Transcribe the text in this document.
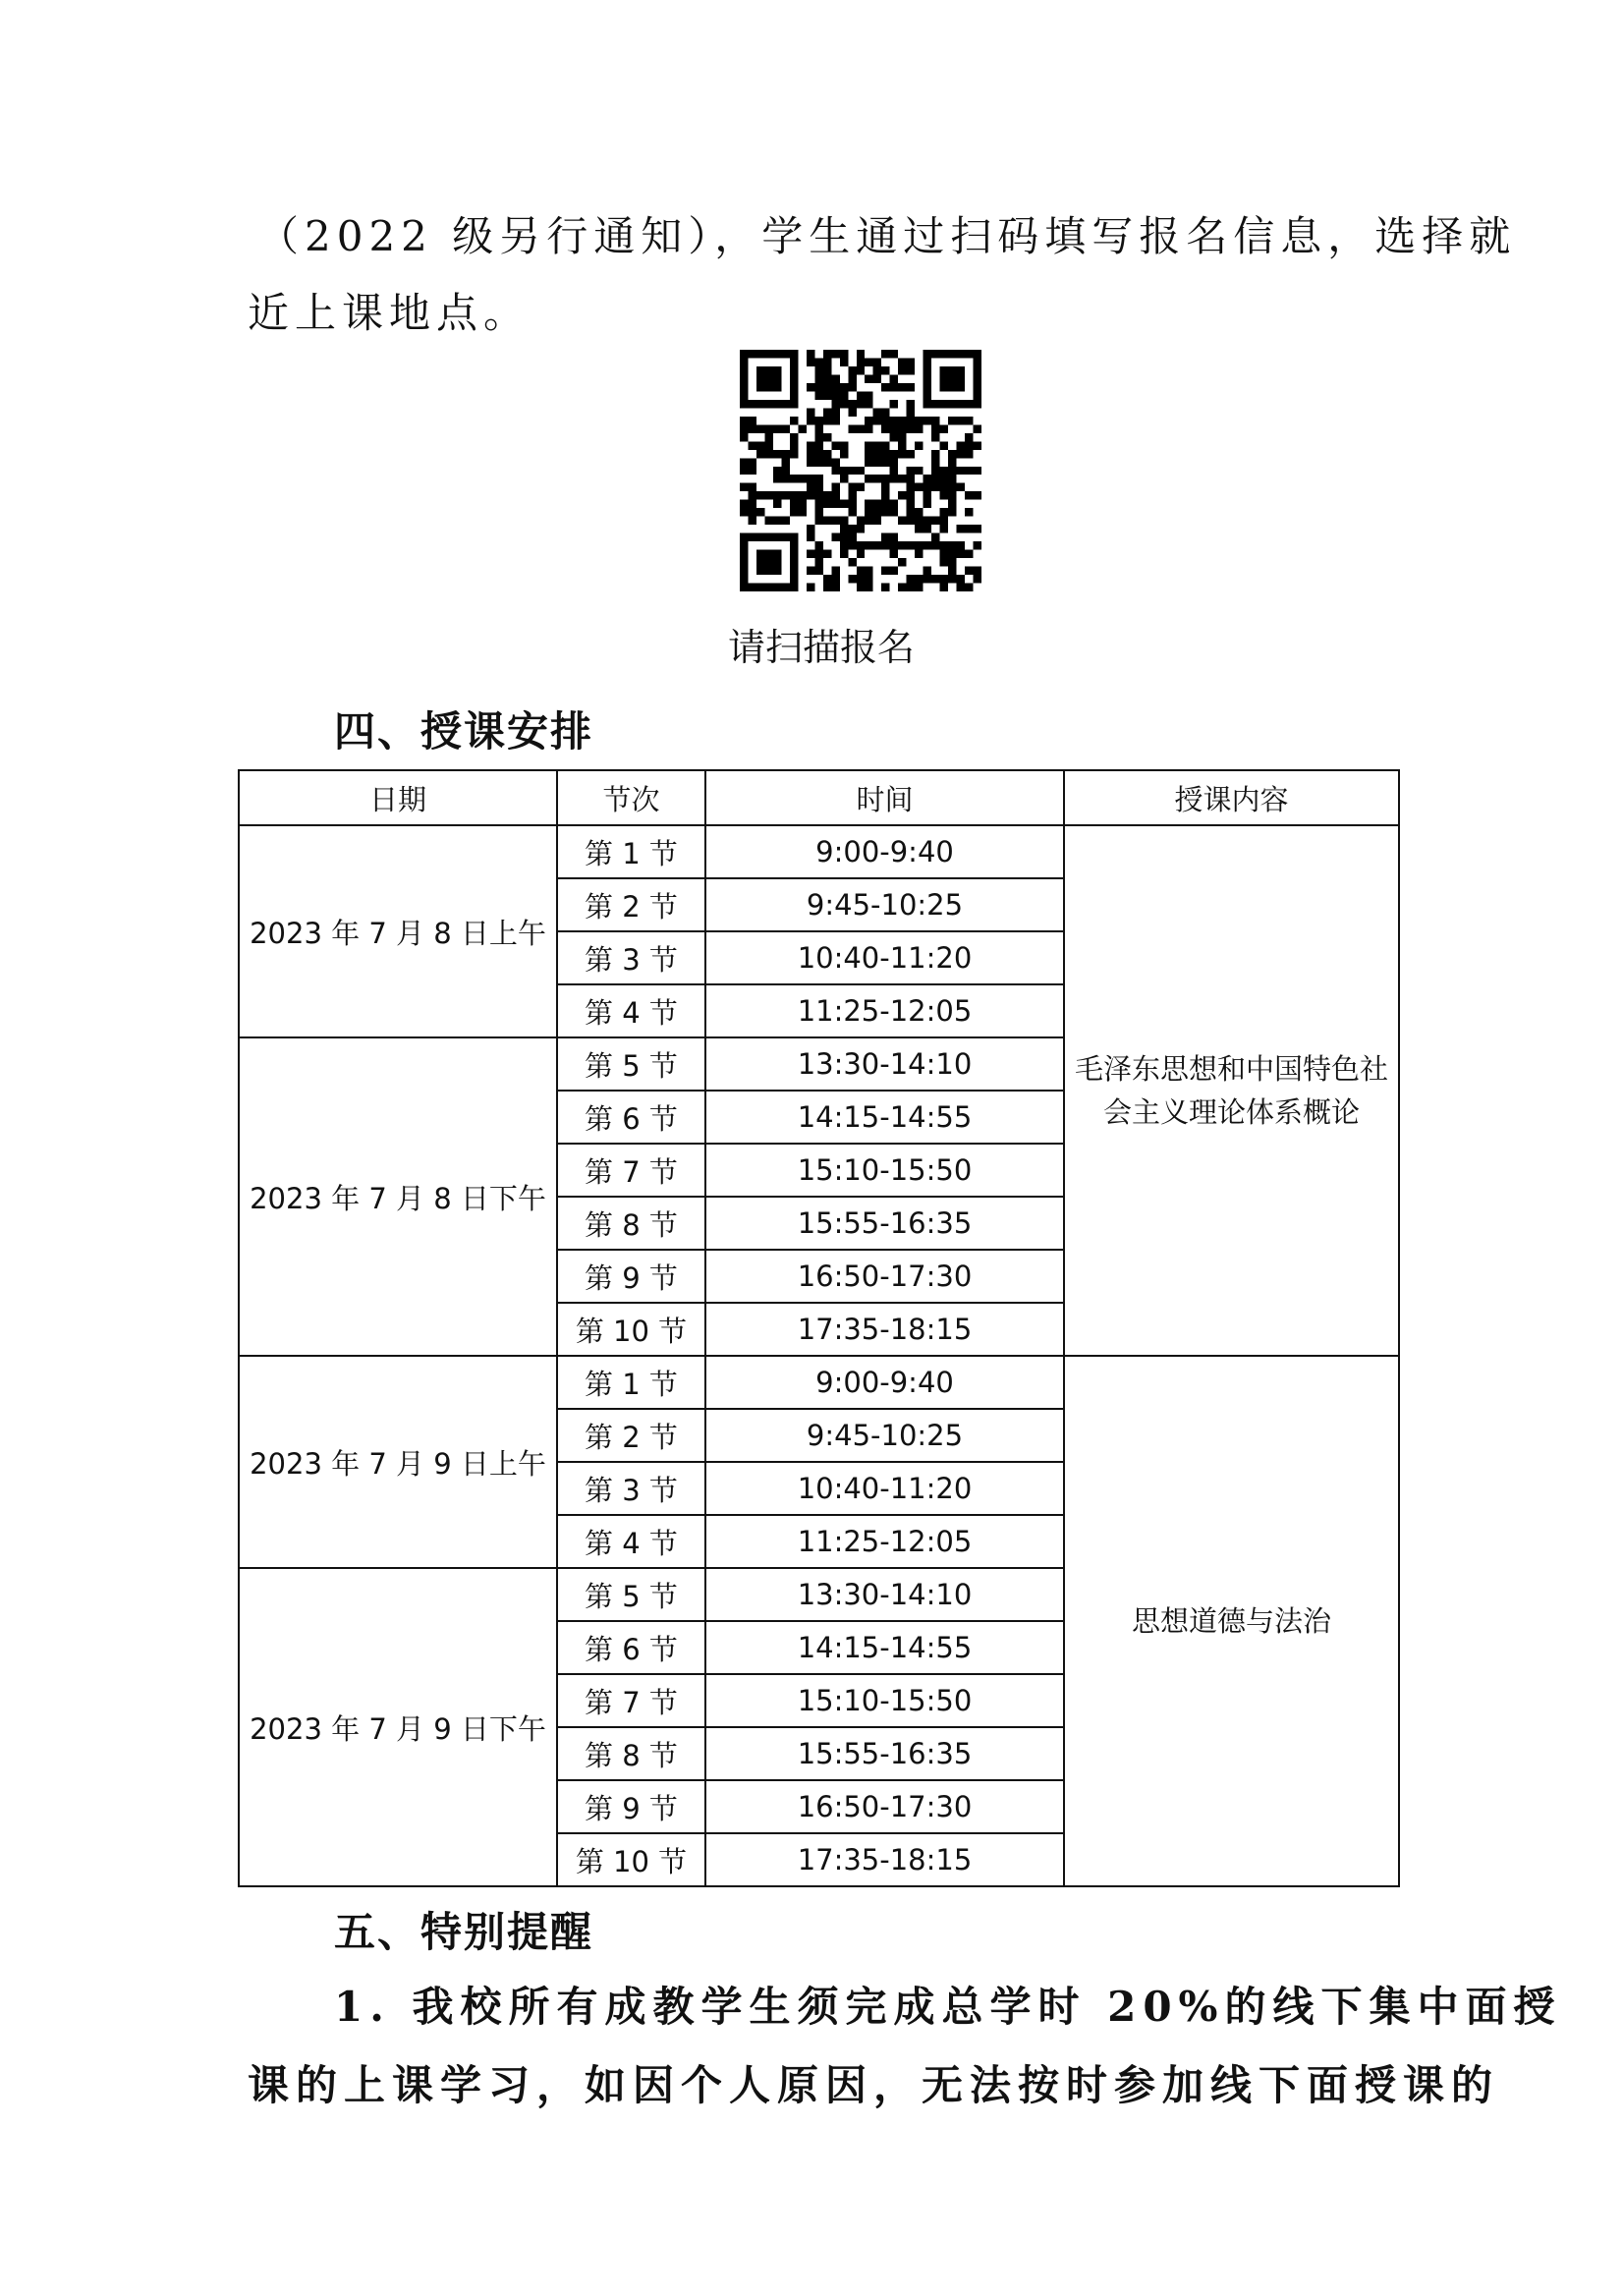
（2022 级另行通知），学生通过扫码填写报名信息，选择就
近上课地点。
请扫描报名
四、授课安排
日期	节次	时间	授课内容
2023 年 7 月 8 日上午	第 1 节	9:00-9:40	毛泽东思想和中国特色社会主义理论体系概论
第 2 节	9:45-10:25
第 3 节	10:40-11:20
第 4 节	11:25-12:05
2023 年 7 月 8 日下午	第 5 节	13:30-14:10
第 6 节	14:15-14:55
第 7 节	15:10-15:50
第 8 节	15:55-16:35
第 9 节	16:50-17:30
第 10 节	17:35-18:15
2023 年 7 月 9 日上午	第 1 节	9:00-9:40	思想道德与法治
第 2 节	9:45-10:25
第 3 节	10:40-11:20
第 4 节	11:25-12:05
2023 年 7 月 9 日下午	第 5 节	13:30-14:10
第 6 节	14:15-14:55
第 7 节	15:10-15:50
第 8 节	15:55-16:35
第 9 节	16:50-17:30
第 10 节	17:35-18:15
五、特别提醒
1. 我校所有成教学生须完成总学时 20%的线下集中面授
课的上课学习，如因个人原因，无法按时参加线下面授课的
